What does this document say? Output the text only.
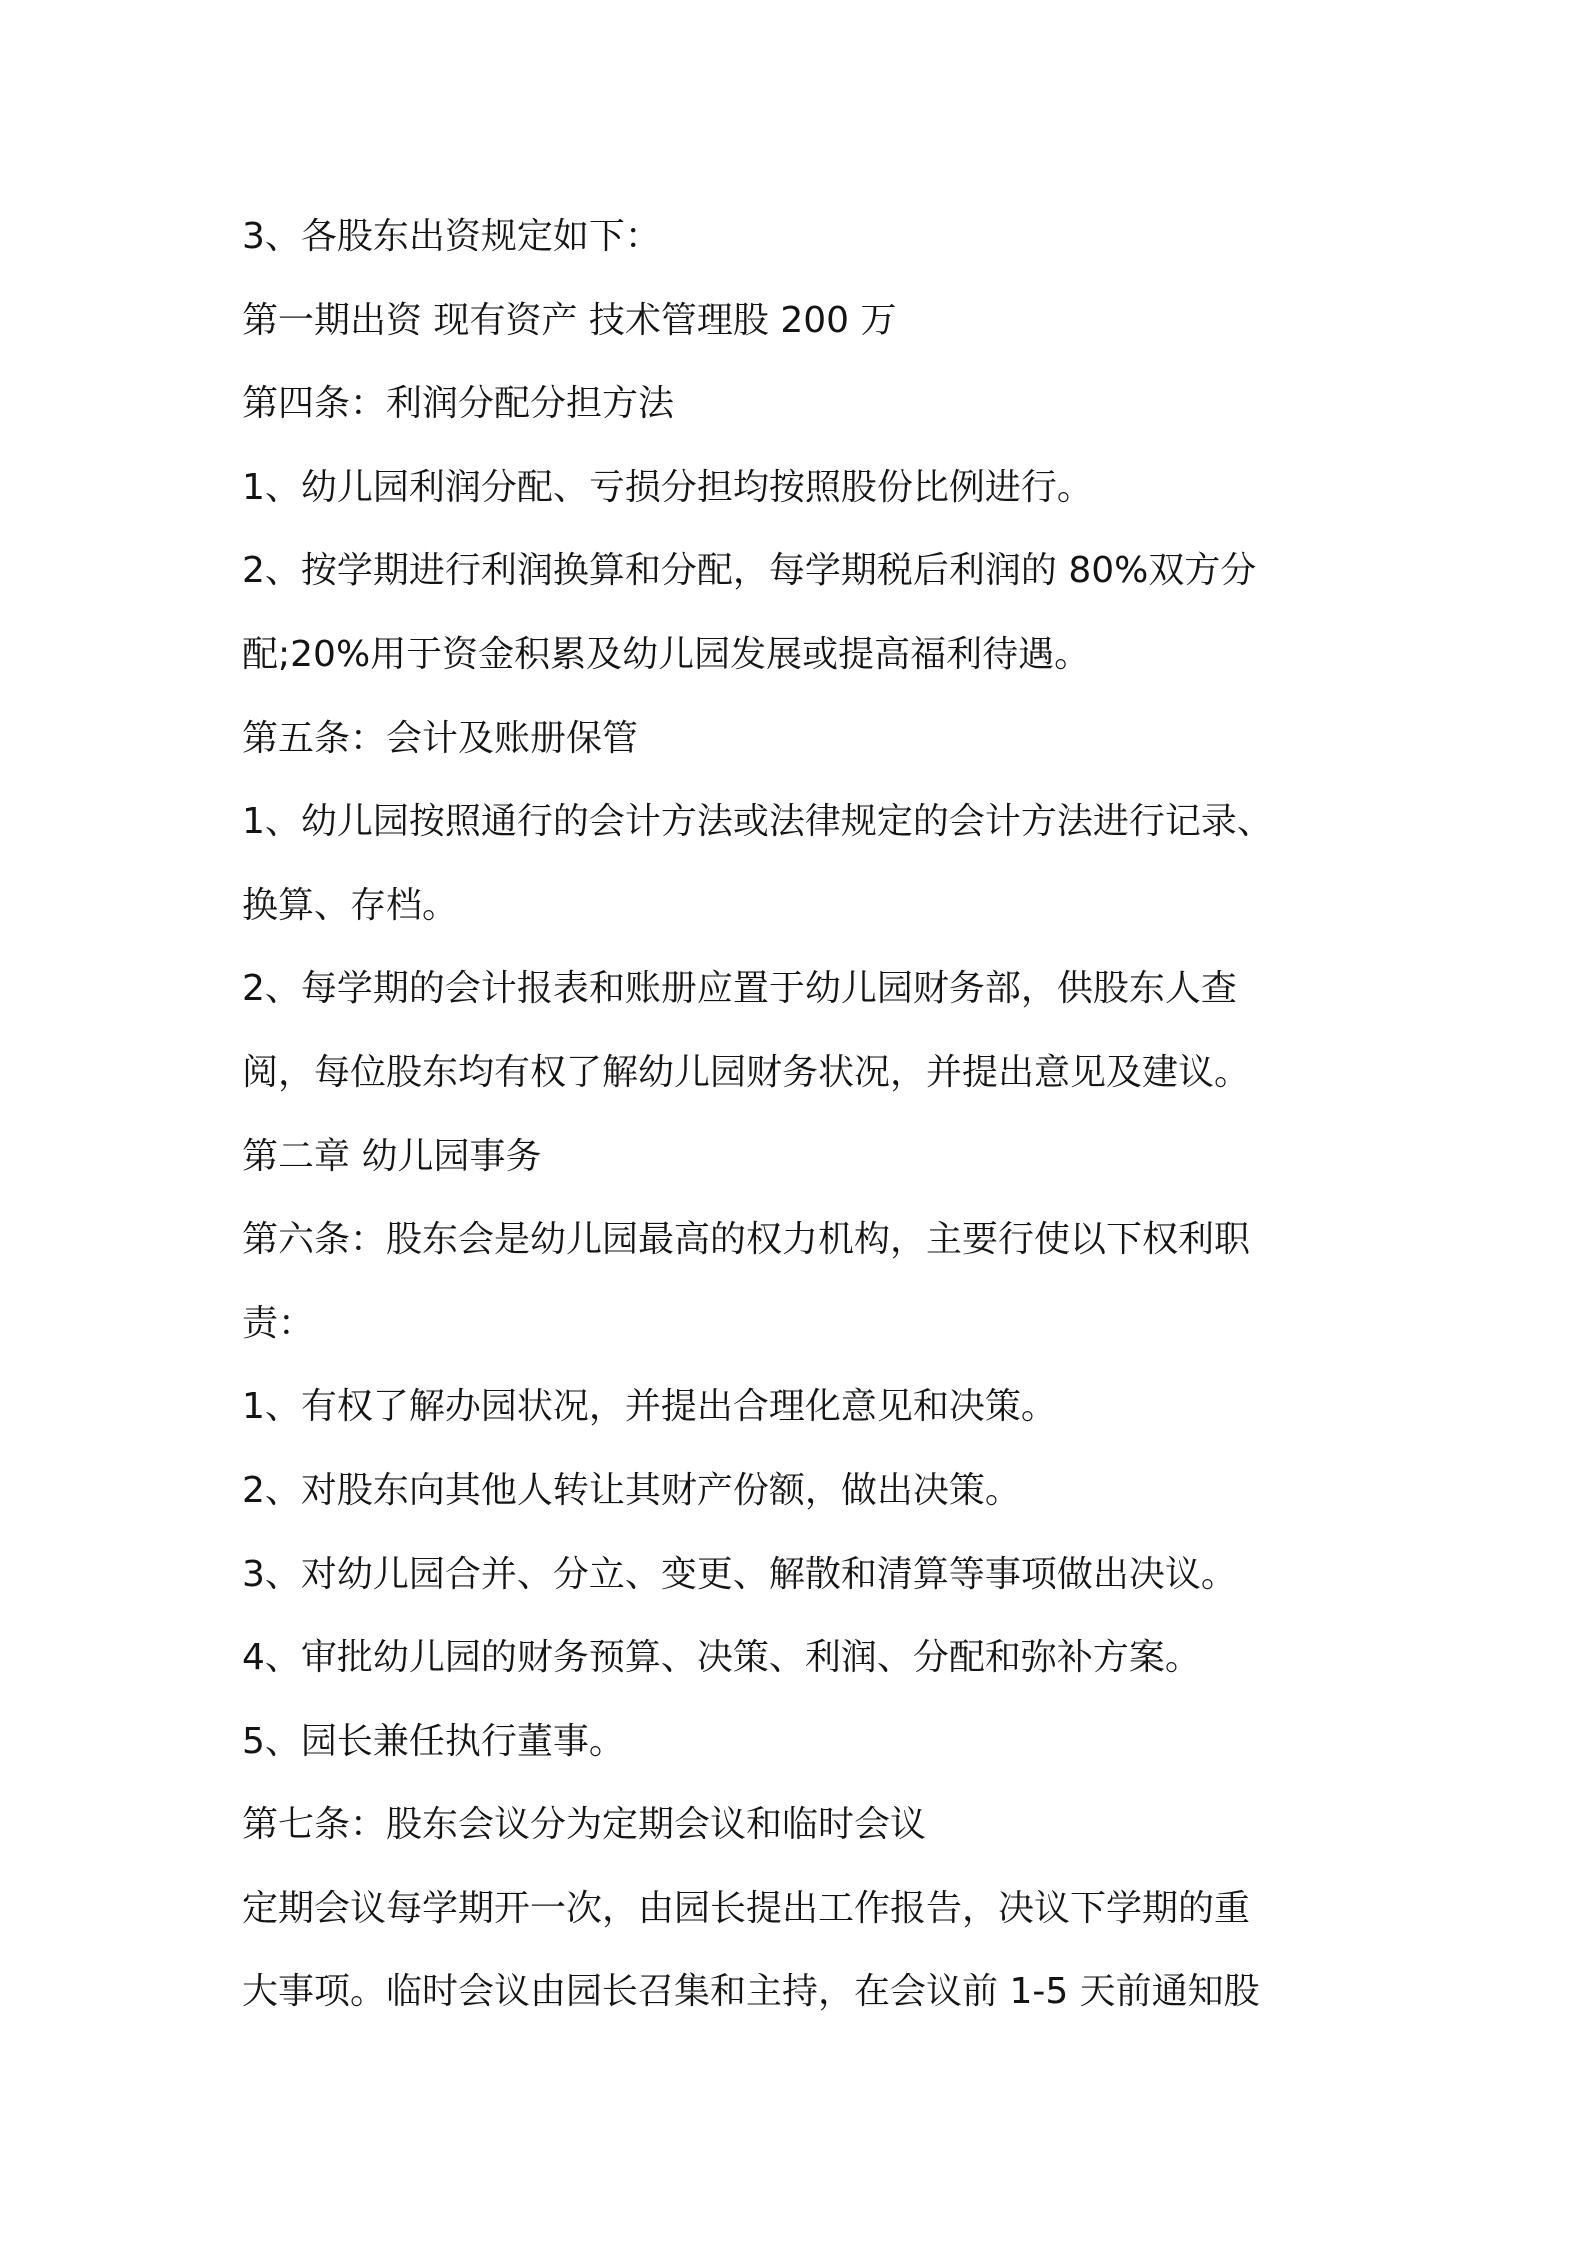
3、各股东出资规定如下：

第一期出资 现有资产 技术管理股 200 万

第四条：利润分配分担方法

1、幼儿园利润分配、亏损分担均按照股份比例进行。

2、按学期进行利润换算和分配，每学期税后利润的 80%双方分

配;20%用于资金积累及幼儿园发展或提高福利待遇。

第五条：会计及账册保管

1、幼儿园按照通行的会计方法或法律规定的会计方法进行记录、

换算、存档。

2、每学期的会计报表和账册应置于幼儿园财务部，供股东人查

阅，每位股东均有权了解幼儿园财务状况，并提出意见及建议。

第二章 幼儿园事务

第六条：股东会是幼儿园最高的权力机构，主要行使以下权利职

责：

1、有权了解办园状况，并提出合理化意见和决策。

2、对股东向其他人转让其财产份额，做出决策。

3、对幼儿园合并、分立、变更、解散和清算等事项做出决议。

4、审批幼儿园的财务预算、决策、利润、分配和弥补方案。

5、园长兼任执行董事。

第七条：股东会议分为定期会议和临时会议

定期会议每学期开一次，由园长提出工作报告，决议下学期的重

大事项。临时会议由园长召集和主持，在会议前 1-5 天前通知股
